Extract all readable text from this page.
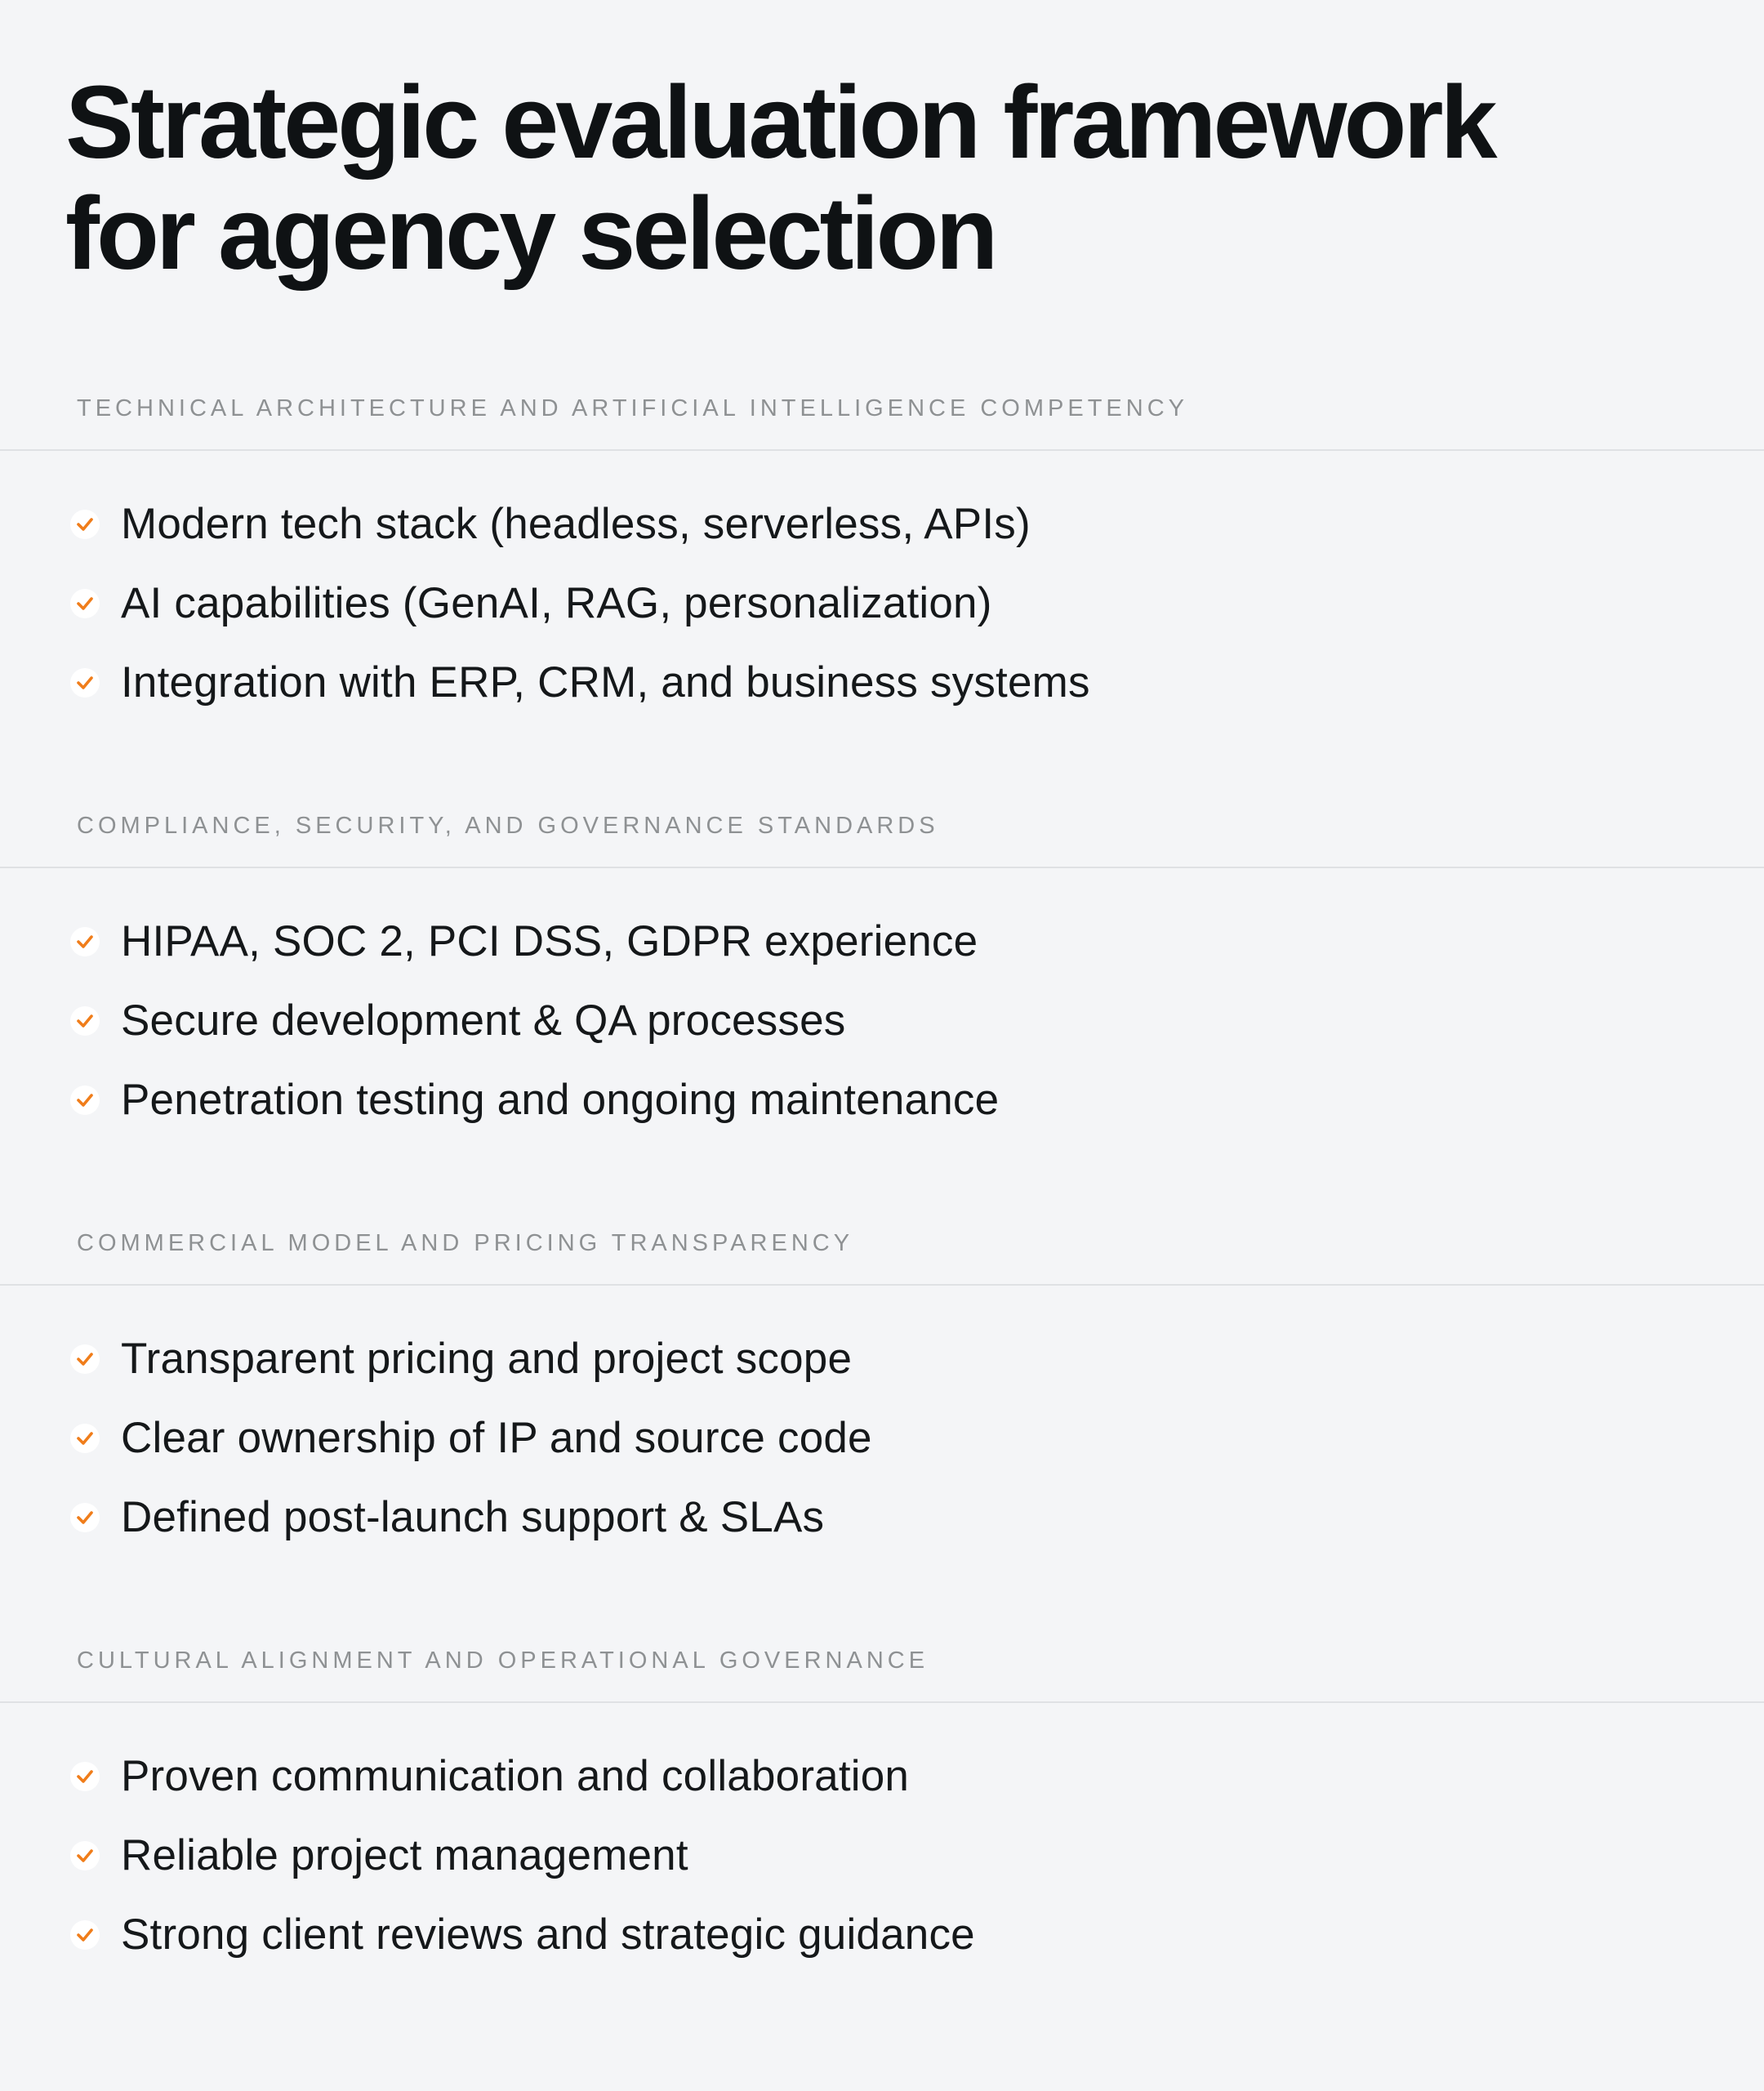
Strategic evaluation framework
for agency selection
TECHNICAL ARCHITECTURE AND ARTIFICIAL INTELLIGENCE COMPETENCY
Modern tech stack (headless, serverless, APIs)
AI capabilities (GenAI, RAG, personalization)
Integration with ERP, CRM, and business systems
COMPLIANCE, SECURITY, AND GOVERNANCE STANDARDS
HIPAA, SOC 2, PCI DSS, GDPR experience
Secure development & QA processes
Penetration testing and ongoing maintenance
COMMERCIAL MODEL AND PRICING TRANSPARENCY
Transparent pricing and project scope
Clear ownership of IP and source code
Defined post-launch support & SLAs
CULTURAL ALIGNMENT AND OPERATIONAL GOVERNANCE
Proven communication and collaboration
Reliable project management
Strong client reviews and strategic guidance
